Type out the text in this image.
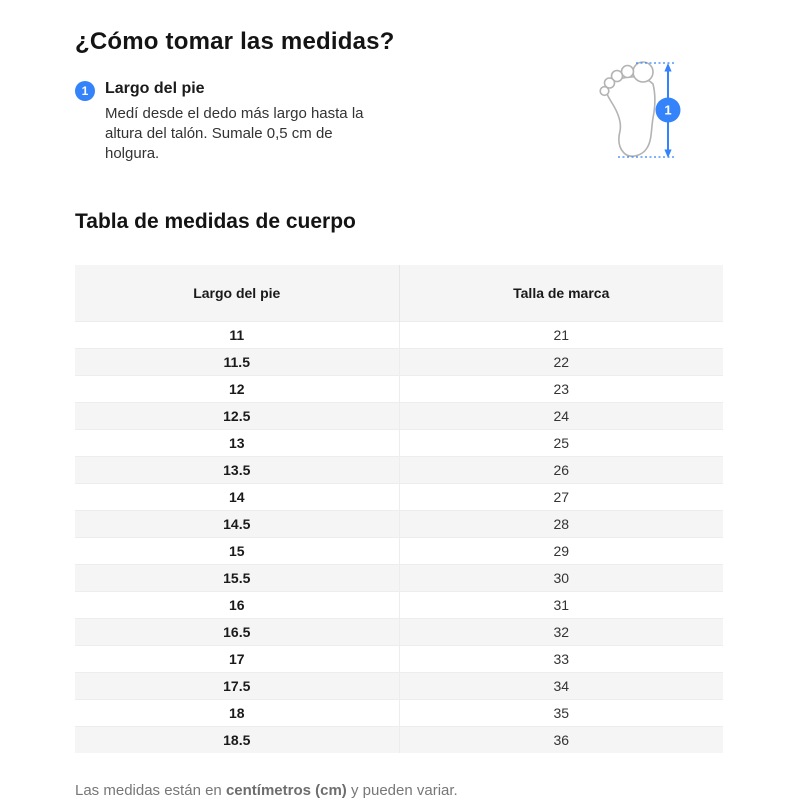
¿Cómo tomar las medidas?
1	Largo del pie
Medí desde el dedo más largo hasta la altura del talón. Sumale 0,5 cm de holgura.
1
Tabla de medidas de cuerpo
Largo del pie	Talla de marca
11	21
11.5	22
12	23
12.5	24
13	25
13.5	26
14	27
14.5	28
15	29
15.5	30
16	31
16.5	32
17	33
17.5	34
18	35
18.5	36

Las medidas están en centímetros (cm) y pueden variar.
